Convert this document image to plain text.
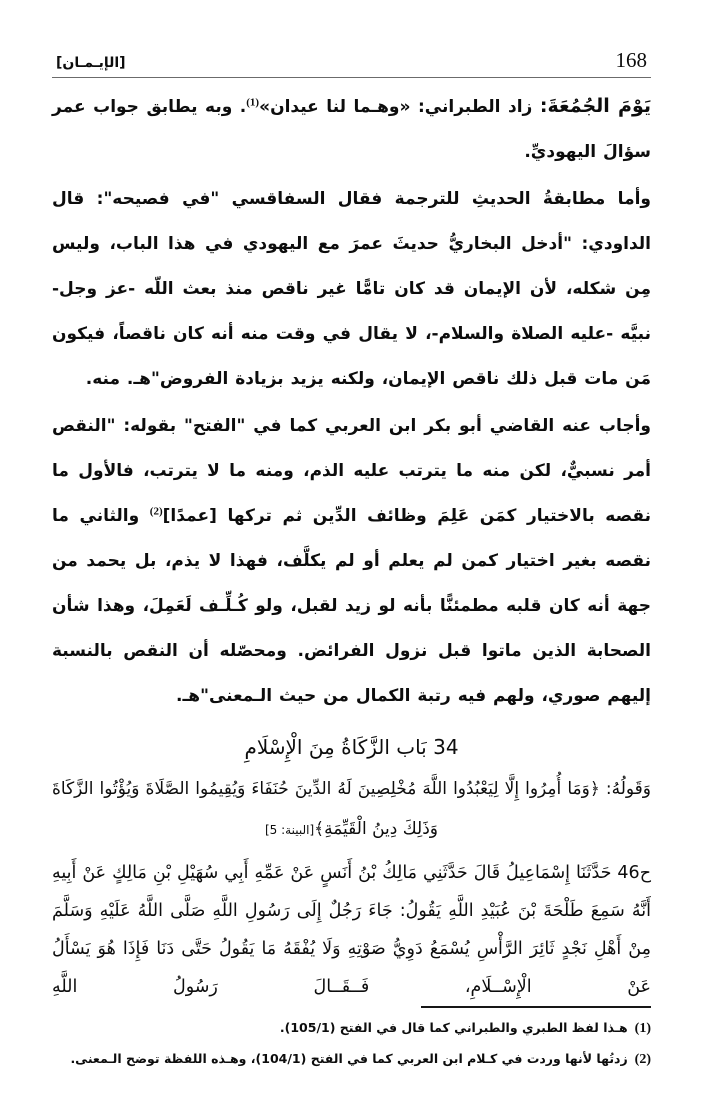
[الإيـمـان]	168

يَوْمَ الجُمُعَةَ: زاد الطبراني: «وهـما لنا عيدان»$^{(1)}$. وبه يطابق جواب عمر سؤالَ اليهوديِّ.

وأما مطابقةُ الحديثِ للترجمة فقال السفاقسي "في فصيحه": قال الداودي: "أدخل البخاريُّ حديثَ عمرَ مع اليهودي في هذا الباب، وليس مِن شكله، لأن الإيمان قد كان تامًّا غير ناقص منذ بعث اللّه -عز وجل- نبيَّه -عليه الصلاة والسلام-، لا يقال في وقت منه أنه كان ناقصاً، فيكون مَن مات قبل ذلك ناقص الإيمان، ولكنه يزيد بزيادة الفروض"هـ. منه.

وأجاب عنه القاضي أبو بكر ابن العربي كما في "الفتح" بقوله: "النقص أمر نسبيٌّ، لكن منه ما يترتب عليه الذم، ومنه ما لا يترتب، فالأول ما نقصه بالاختيار كمَن عَلِمَ وظائف الدِّين ثم تركها [عمدًا]$^{(2)}$ والثاني ما نقصه بغير اختيار كمن لم يعلم أو لم يكلَّف، فهذا لا يذم، بل يحمد من جهة أنه كان قلبه مطمئنًّا بأنه لو زيد لقبل، ولو كُـلِّـف لَعَمِلَ، وهذا شأن الصحابة الذين ماتوا قبل نزول الفرائض. ومحصّله أن النقص بالنسبة إليهم صوري، ولهم فيه رتبة الكمال من حيث الـمعنى"هـ.

34 بَاب الزَّكَاةُ مِنَ الْإِسْلَامِ

وَقَولُهُ: ﴿وَمَا أُمِرُوا إِلَّا لِيَعْبُدُوا اللَّهَ مُخْلِصِينَ لَهُ الدِّينَ حُنَفَاءَ وَيُقِيمُوا الصَّلَاةَ وَيُؤْتُوا الزَّكَاةَ وَذَلِكَ دِينُ الْقَيِّمَةِ﴾[البينة: 5]

ح46 حَدَّثَنَا إِسْمَاعِيلُ قَالَ حَدَّثَنِي مَالِكُ بْنُ أَنَسٍ عَنْ عَمِّهِ أَبِي سُهَيْلِ بْنِ مَالِكٍ عَنْ أَبِيهِ أَنَّهُ سَمِعَ طَلْحَةَ بْنَ عُبَيْدِ اللَّهِ يَقُولُ: جَاءَ رَجُلٌ إِلَى رَسُولِ اللَّهِ صَلَّى اللَّهُ عَلَيْهِ وَسَلَّمَ مِنْ أَهْلِ نَجْدٍ ثَائِرَ الرَّأْسِ يُسْمَعُ دَوِيُّ صَوْتِهِ وَلَا يُفْقَهُ مَا يَقُولُ حَتَّى دَنَا فَإِذَا هُوَ يَسْأَلُ عَنْ الْإِسْــلَامِ، فَــقَــالَ رَسُولُ اللَّهِ

(1)
هـذا لفظ الطبري والطبراني كما قال في الفتح (105/1).
(2)
زدتُها لأنها وردت في كـلام ابن العربي كما في الفتح (104/1)، وهـذه اللفظة توضح الـمعنى.
